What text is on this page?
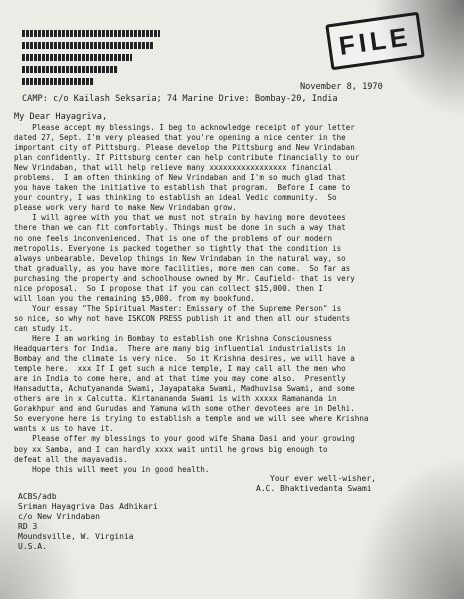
FILE
November 8, 1970
CAMP: c/o Kailash Seksaria; 74 Marine Drive: Bombay-20, India
My Dear Hayagriva,
Please accept my blessings. I beg to acknowledge receipt of your letter
dated 27, Sept. I'm very pleased that you're opening a nice center in the
important city of Pittsburg. Please develop the Pittsburg and New Vrindaban
plan confidently. If Pittsburg center can help contribute financially to our
New Vrindaban, that will help relieve many xxxxxxxxxxxxxxxxx financial
problems.  I am often thinking of New Vrindaban and I'm so much glad that
you have taken the initiative to establish that program.  Before I came to
your country, I was thinking to establish an ideal Vedic community.  So
please work very hard to make New Vrindaban grow.
I will agree with you that we must not strain by having more devotees
there than we can fit comfortably. Things must be done in such a way that
no one feels inconvenienced. That is one of the problems of our modern
metropolis. Everyone is packed together so tightly that the condition is
always unbearable. Develop things in New Vrindaban in the natural way, so
that gradually, as you have more facilities, more men can come.  So far as
purchasing the property and schoolhouse owned by Mr. Caufield- that is very
nice proposal.  So I propose that if you can collect $15,000. then I
will loan you the remaining $5,000. from my bookfund.
Your essay "The Spiritual Master: Emissary of the Supreme Person" is
so nice, so why not have ISKCON PRESS publish it and then all our students
can study it.
Here I am working in Bombay to establish one Krishna Consciousness
Headquarters for India.  There are many big influential industrialists in
Bombay and the climate is very nice.  So it Krishna desires, we will have a
temple here.  xxx If I get such a nice temple, I may call all the men who
are in India to come here, and at that time you may come also.  Presently
Hansadutta, Achutyananda Swami, Jayapataka Swami, Madhuvisa Swami, and some
others are in x Calcutta. Kirtanananda Swami is with xxxxx Ramananda in
Gorakhpur and and Gurudas and Yamuna with some other devotees are in Delhi.
So everyone here is trying to establish a temple and we will see where Krishna
wants x us to have it.
Please offer my blessings to your good wife Shama Dasi and your growing
boy xx Samba, and I can hardly xxxx wait until he grows big enough to
defeat all the mayavadis.
Hope this will meet you in good health.
Your ever well-wisher,
A.C. Bhaktivedanta Swami
ACBS/adb
Sriman Hayagriva Das Adhikari
c/o New Vrindaban
RD 3
Moundsville, W. Virginia
U.S.A.
